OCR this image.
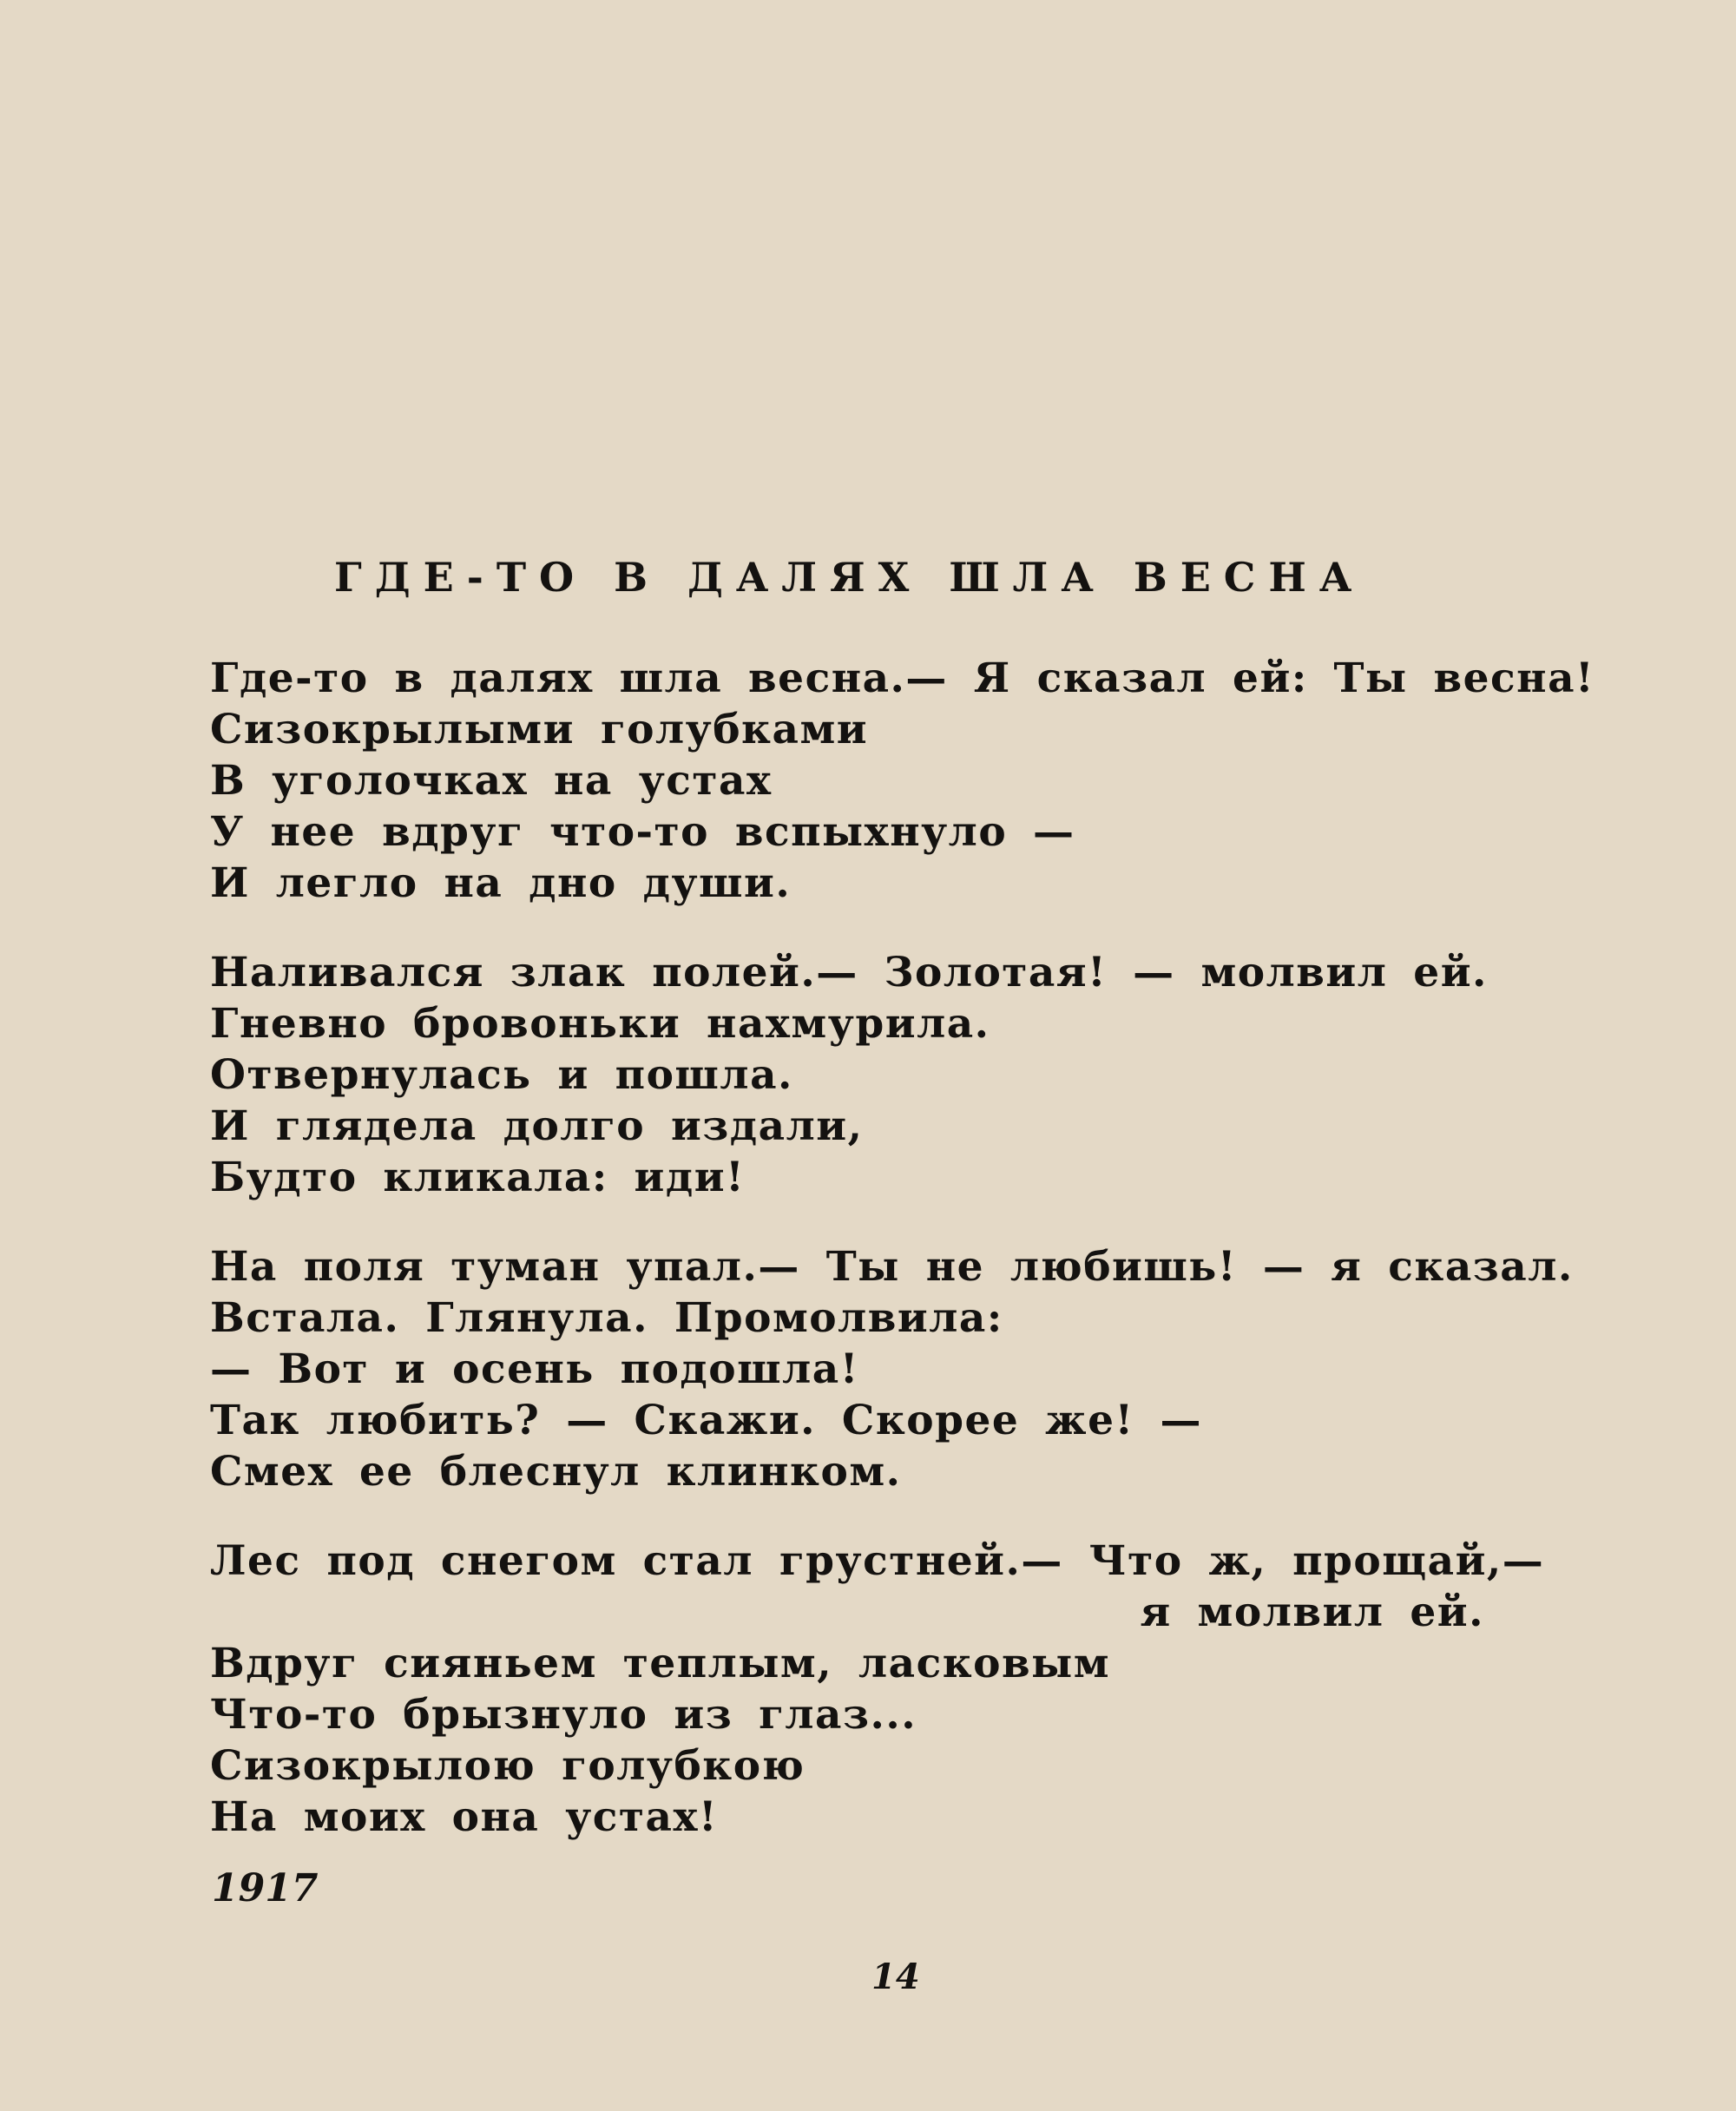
ГДЕ-ТО В ДАЛЯХ ШЛА ВЕСНА
Где-то в далях шла весна.— Я сказал ей: Ты весна!
Сизокрылыми голубками
В уголочках на устах
У нее вдруг что-то вспыхнуло —
И легло на дно души.
Наливался злак полей.— Золотая! — молвил ей.
Гневно бровоньки нахмурила.
Отвернулась и пошла.
И глядела долго издали,
Будто кликала: иди!
На поля туман упал.— Ты не любишь! — я сказал.
Встала. Глянула. Промолвила:
— Вот и осень подошла!
Так любить? — Скажи. Скорее же! —
Смех ее блеснул клинком.
Лес под снегом стал грустней.— Что ж, прощай,—
я молвил ей.
Вдруг сияньем теплым, ласковым
Что-то брызнуло из глаз...
Сизокрылою голубкою
На моих она устах!

1917

14
